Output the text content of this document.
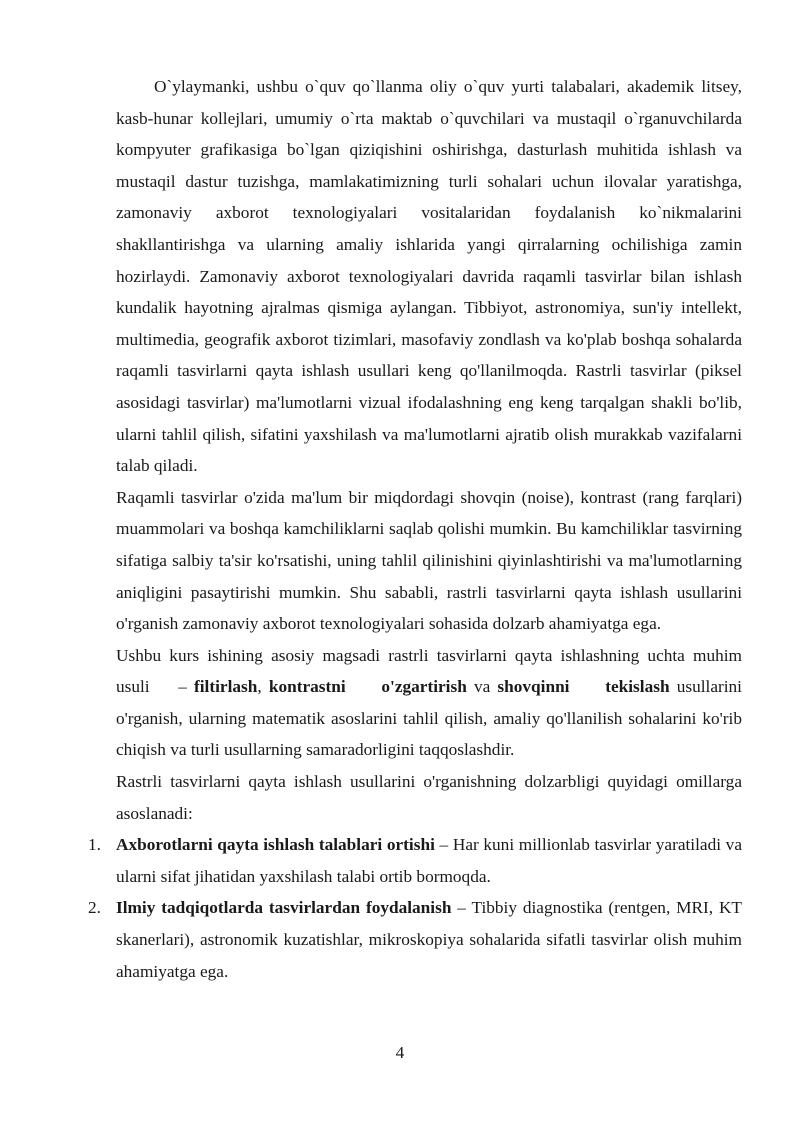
O`ylaymanki, ushbu o`quv qo`llanma oliy o`quv yurti talabalari, akademik litsey, kasb-hunar kollejlari, umumiy o`rta maktab o`quvchilari va mustaqil o`rganuvchilarda kompyuter grafikasiga bo`lgan qiziqishini oshirishga, dasturlash muhitida ishlash va mustaqil dastur tuzishga, mamlakatimizning turli sohalari uchun ilovalar yaratishga, zamonaviy axborot texnologiyalari vositalaridan foydalanish ko`nikmalarini shakllantirishga va ularning amaliy ishlarida yangi qirralarning ochilishiga zamin hozirlaydi. Zamonaviy axborot texnologiyalari davrida raqamli tasvirlar bilan ishlash kundalik hayotning ajralmas qismiga aylangan. Tibbiyot, astronomiya, sun'iy intellekt, multimedia, geografik axborot tizimlari, masofaviy zondlash va ko'plab boshqa sohalarda raqamli tasvirlarni qayta ishlash usullari keng qo'llanilmoqda. Rastrli tasvirlar (piksel asosidagi tasvirlar) ma'lumotlarni vizual ifodalashning eng keng tarqalgan shakli bo'lib, ularni tahlil qilish, sifatini yaxshilash va ma'lumotlarni ajratib olish murakkab vazifalarni talab qiladi.

Raqamli tasvirlar o'zida ma'lum bir miqdordagi shovqin (noise), kontrast (rang farqlari) muammolari va boshqa kamchiliklarni saqlab qolishi mumkin. Bu kamchiliklar tasvirning sifatiga salbiy ta'sir ko'rsatishi, uning tahlil qilinishini qiyinlashtirishi va ma'lumotlarning aniqligini pasaytirishi mumkin. Shu sababli, rastrli tasvirlarni qayta ishlash usullarini o'rganish zamonaviy axborot texnologiyalari sohasida dolzarb ahamiyatga ega.

Ushbu kurs ishining asosiy magsadi rastrli tasvirlarni qayta ishlashning uchta muhim usuli    – filtirlash, kontrastni     o'zgartirish va shovqinni     tekislash usullarini o'rganish, ularning matematik asoslarini tahlil qilish, amaliy qo'llanilish sohalarini ko'rib chiqish va turli usullarning samaradorligini taqqoslashdir.

Rastrli tasvirlarni qayta ishlash usullarini o'rganishning dolzarbligi quyidagi omillarga asoslanadi:

1. Axborotlarni qayta ishlash talablari ortishi – Har kuni millionlab tasvirlar yaratiladi va ularni sifat jihatidan yaxshilash talabi ortib bormoqda.
2. Ilmiy tadqiqotlarda tasvirlardan foydalanish – Tibbiy diagnostika (rentgen, MRI, KT skanerlari), astronomik kuzatishlar, mikroskopiya sohalarida sifatli tasvirlar olish muhim ahamiyatga ega.
4
